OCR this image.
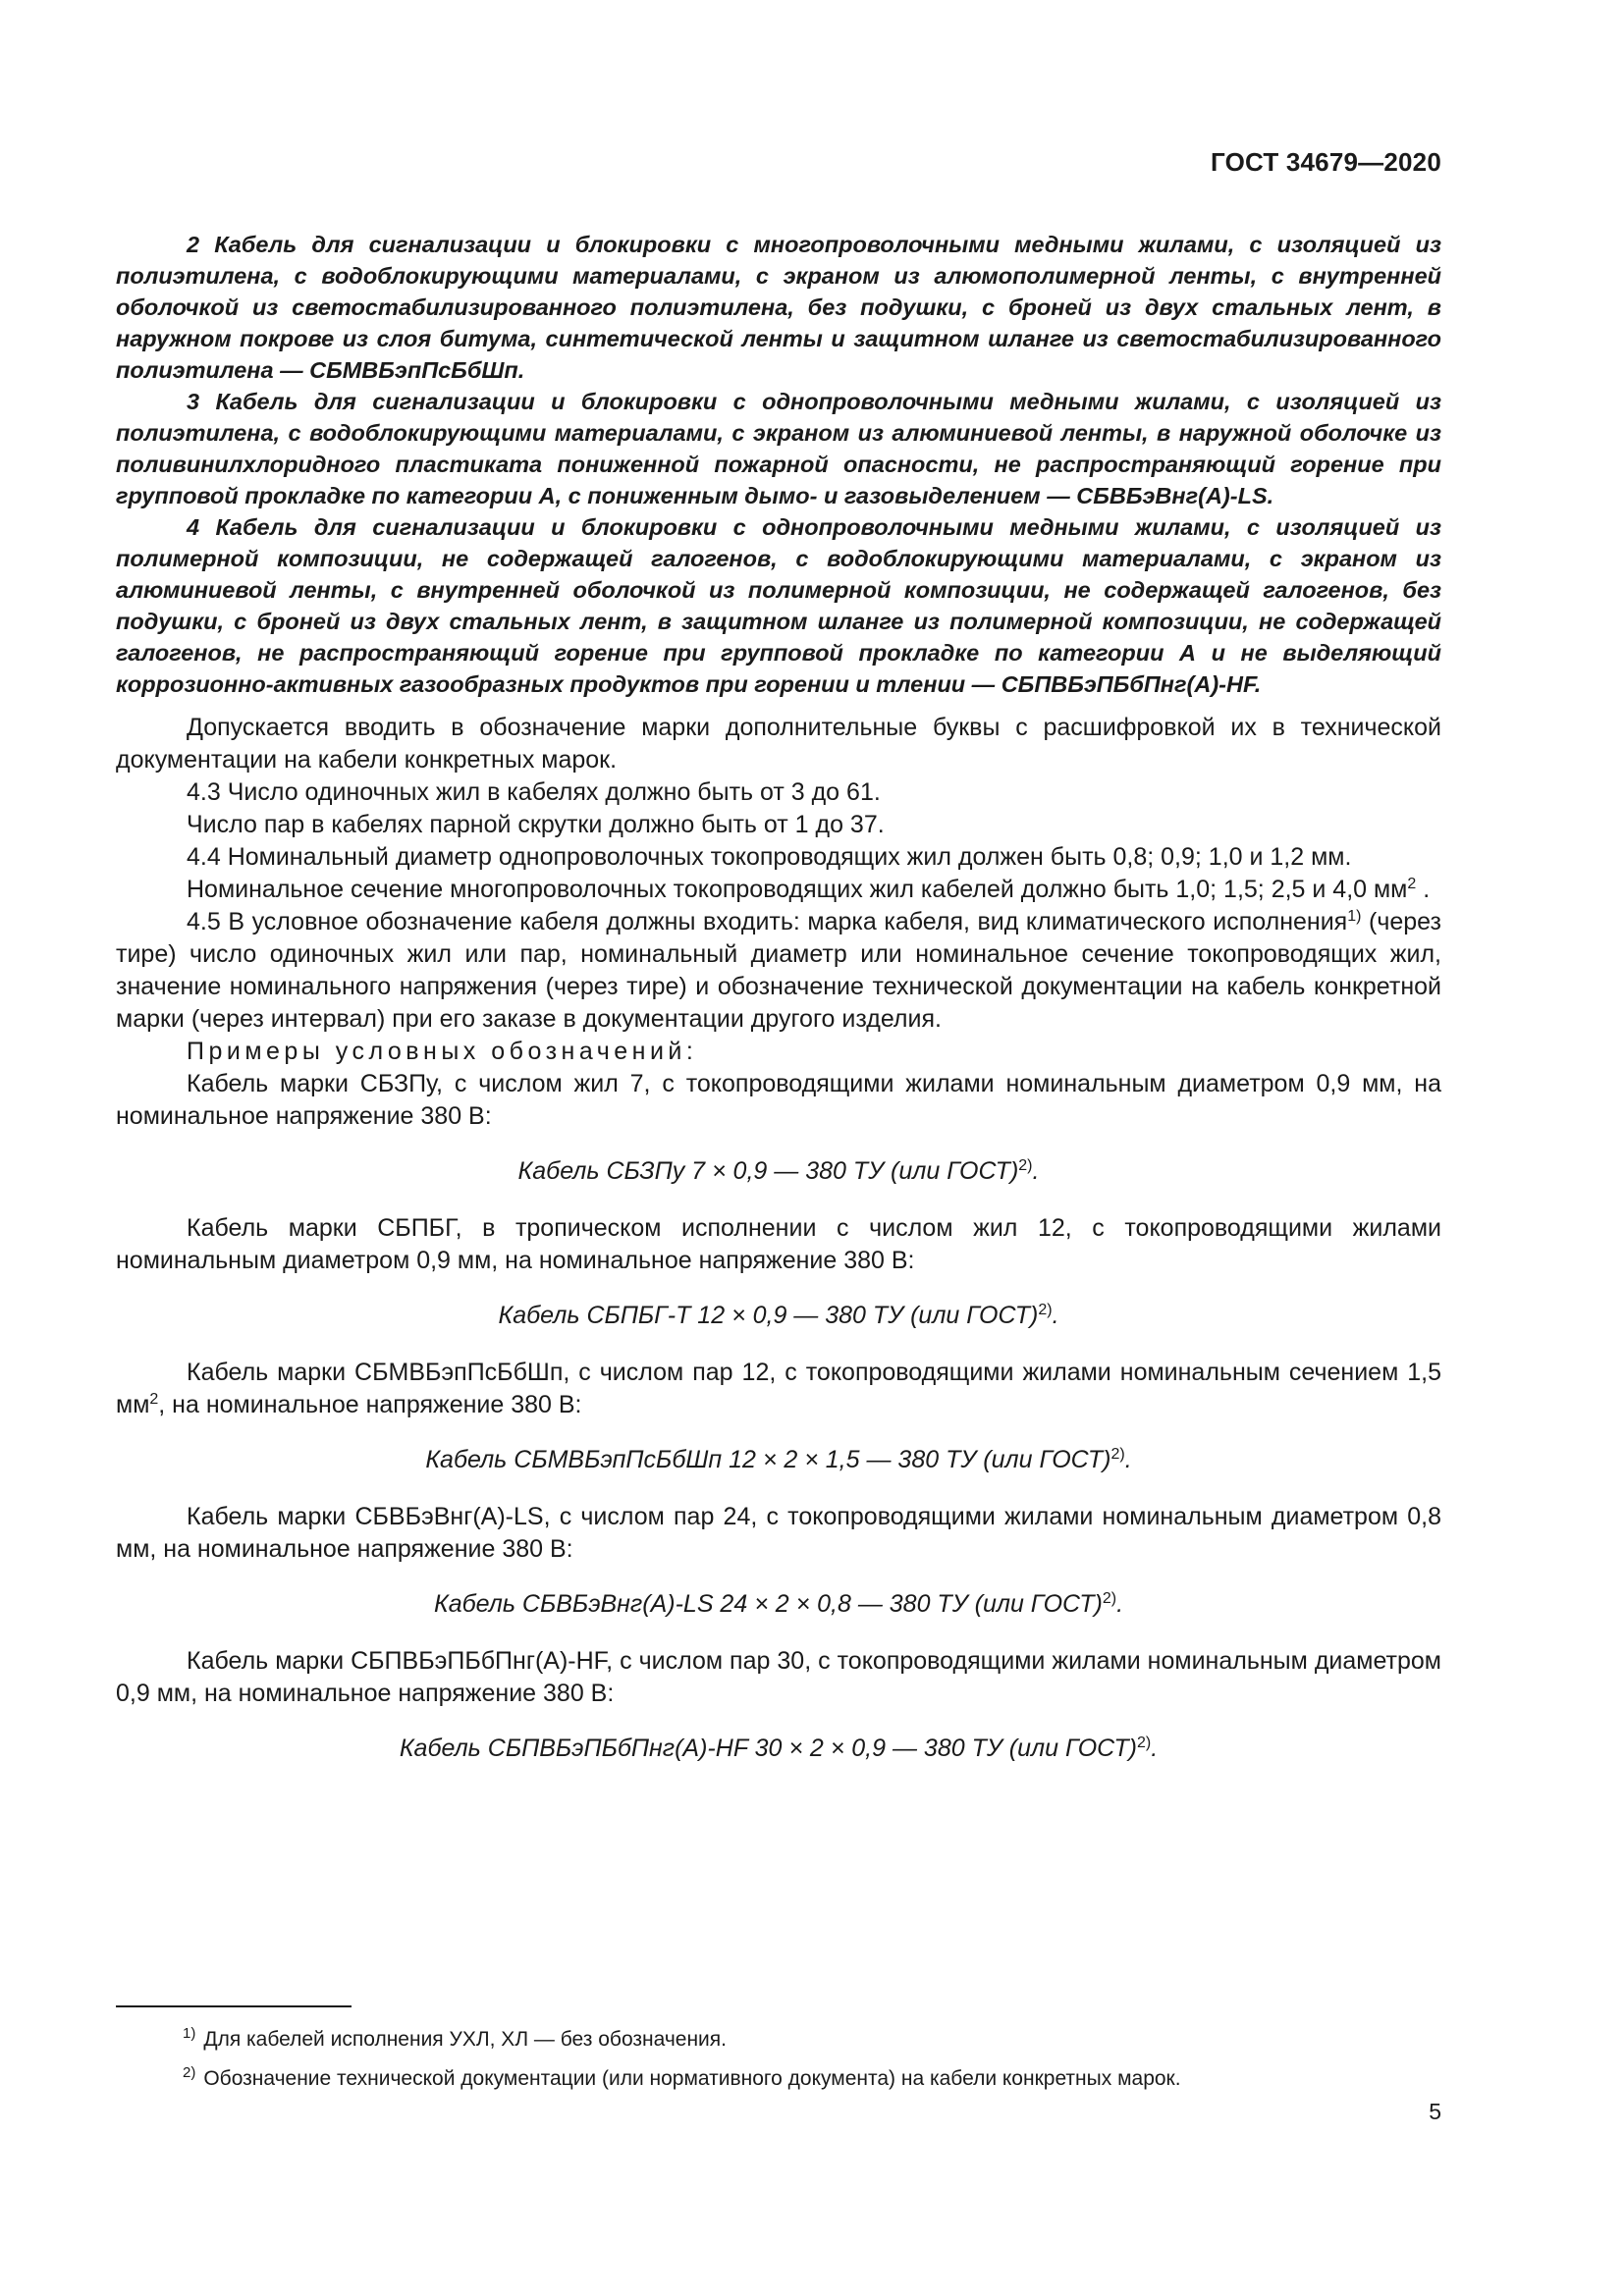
ГОСТ 34679—2020

2 Кабель для сигнализации и блокировки с многопроволочными медными жилами, с изоляцией из полиэтилена, с водоблокирующими материалами, с экраном из алюмополимерной ленты, с внутренней оболочкой из светостабилизированного полиэтилена, без подушки, с броней из двух стальных лент, в наружном покрове из слоя битума, синтетической ленты и защитном шланге из светостабилизированного полиэтилена — СБМВБэпПсБбШп.

3 Кабель для сигнализации и блокировки с однопроволочными медными жилами, с изоляцией из полиэтилена, с водоблокирующими материалами, с экраном из алюминиевой ленты, в наружной оболочке из поливинилхлоридного пластиката пониженной пожарной опасности, не распространяющий горение при групповой прокладке по категории А, с пониженным дымо- и газовыделением — СБВБэВнг(А)-LS.

4 Кабель для сигнализации и блокировки с однопроволочными медными жилами, с изоляцией из полимерной композиции, не содержащей галогенов, с водоблокирующими материалами, с экраном из алюминиевой ленты, с внутренней оболочкой из полимерной композиции, не содержащей галогенов, без подушки, с броней из двух стальных лент, в защитном шланге из полимерной композиции, не содержащей галогенов, не распространяющий горение при групповой прокладке по категории А и не выделяющий коррозионно-активных газообразных продуктов при горении и тлении — СБПВБэПБбПнг(А)-HF.

Допускается вводить в обозначение марки дополнительные буквы с расшифровкой их в технической документации на кабели конкретных марок.

4.3 Число одиночных жил в кабелях должно быть от 3 до 61.

Число пар в кабелях парной скрутки должно быть от 1 до 37.

4.4 Номинальный диаметр однопроволочных токопроводящих жил должен быть 0,8; 0,9; 1,0 и 1,2 мм.

Номинальное сечение многопроволочных токопроводящих жил кабелей должно быть 1,0; 1,5; 2,5 и 4,0 $мм^2$ .

4.5 В условное обозначение кабеля должны входить: марка кабеля, вид климатического исполнения$^{1)}$ (через тире) число одиночных жил или пар, номинальный диаметр или номинальное сечение токопроводящих жил, значение номинального напряжения (через тире) и обозначение технической документации на кабель конкретной марки (через интервал) при его заказе в документации другого изделия.

Примеры условных обозначений:

Кабель марки СБЗПу, с числом жил 7, с токопроводящими жилами номинальным диаметром 0,9 мм, на номинальное напряжение 380 В:

Кабель СБЗПу 7 × 0,9 — 380 ТУ (или ГОСТ)$^{2)}$.

Кабель марки СБПБГ, в тропическом исполнении с числом жил 12, с токопроводящими жилами номинальным диаметром 0,9 мм, на номинальное напряжение 380 В:

Кабель СБПБГ-Т 12 × 0,9 — 380 ТУ (или ГОСТ)$^{2)}$.

Кабель марки СБМВБэпПсБбШп, с числом пар 12, с токопроводящими жилами номинальным сечением 1,5 $мм^2$, на номинальное напряжение 380 В:

Кабель СБМВБэпПсБбШп 12 × 2 × 1,5 — 380 ТУ (или ГОСТ)$^{2)}$.

Кабель марки СБВБэВнг(А)-LS, с числом пар 24, с токопроводящими жилами номинальным диаметром 0,8 мм, на номинальное напряжение 380 В:

Кабель СБВБэВнг(А)-LS 24 × 2 × 0,8 — 380 ТУ (или ГОСТ)$^{2)}$.

Кабель марки СБПВБэПБбПнг(А)-HF, с числом пар 30, с токопроводящими жилами номинальным диаметром 0,9 мм, на номинальное напряжение 380 В:

Кабель СБПВБэПБбПнг(А)-HF 30 × 2 × 0,9 — 380 ТУ (или ГОСТ)$^{2)}$.

$^{1)}$ Для кабелей исполнения УХЛ, ХЛ — без обозначения.
$^{2)}$ Обозначение технической документации (или нормативного документа) на кабели конкретных марок.
5
